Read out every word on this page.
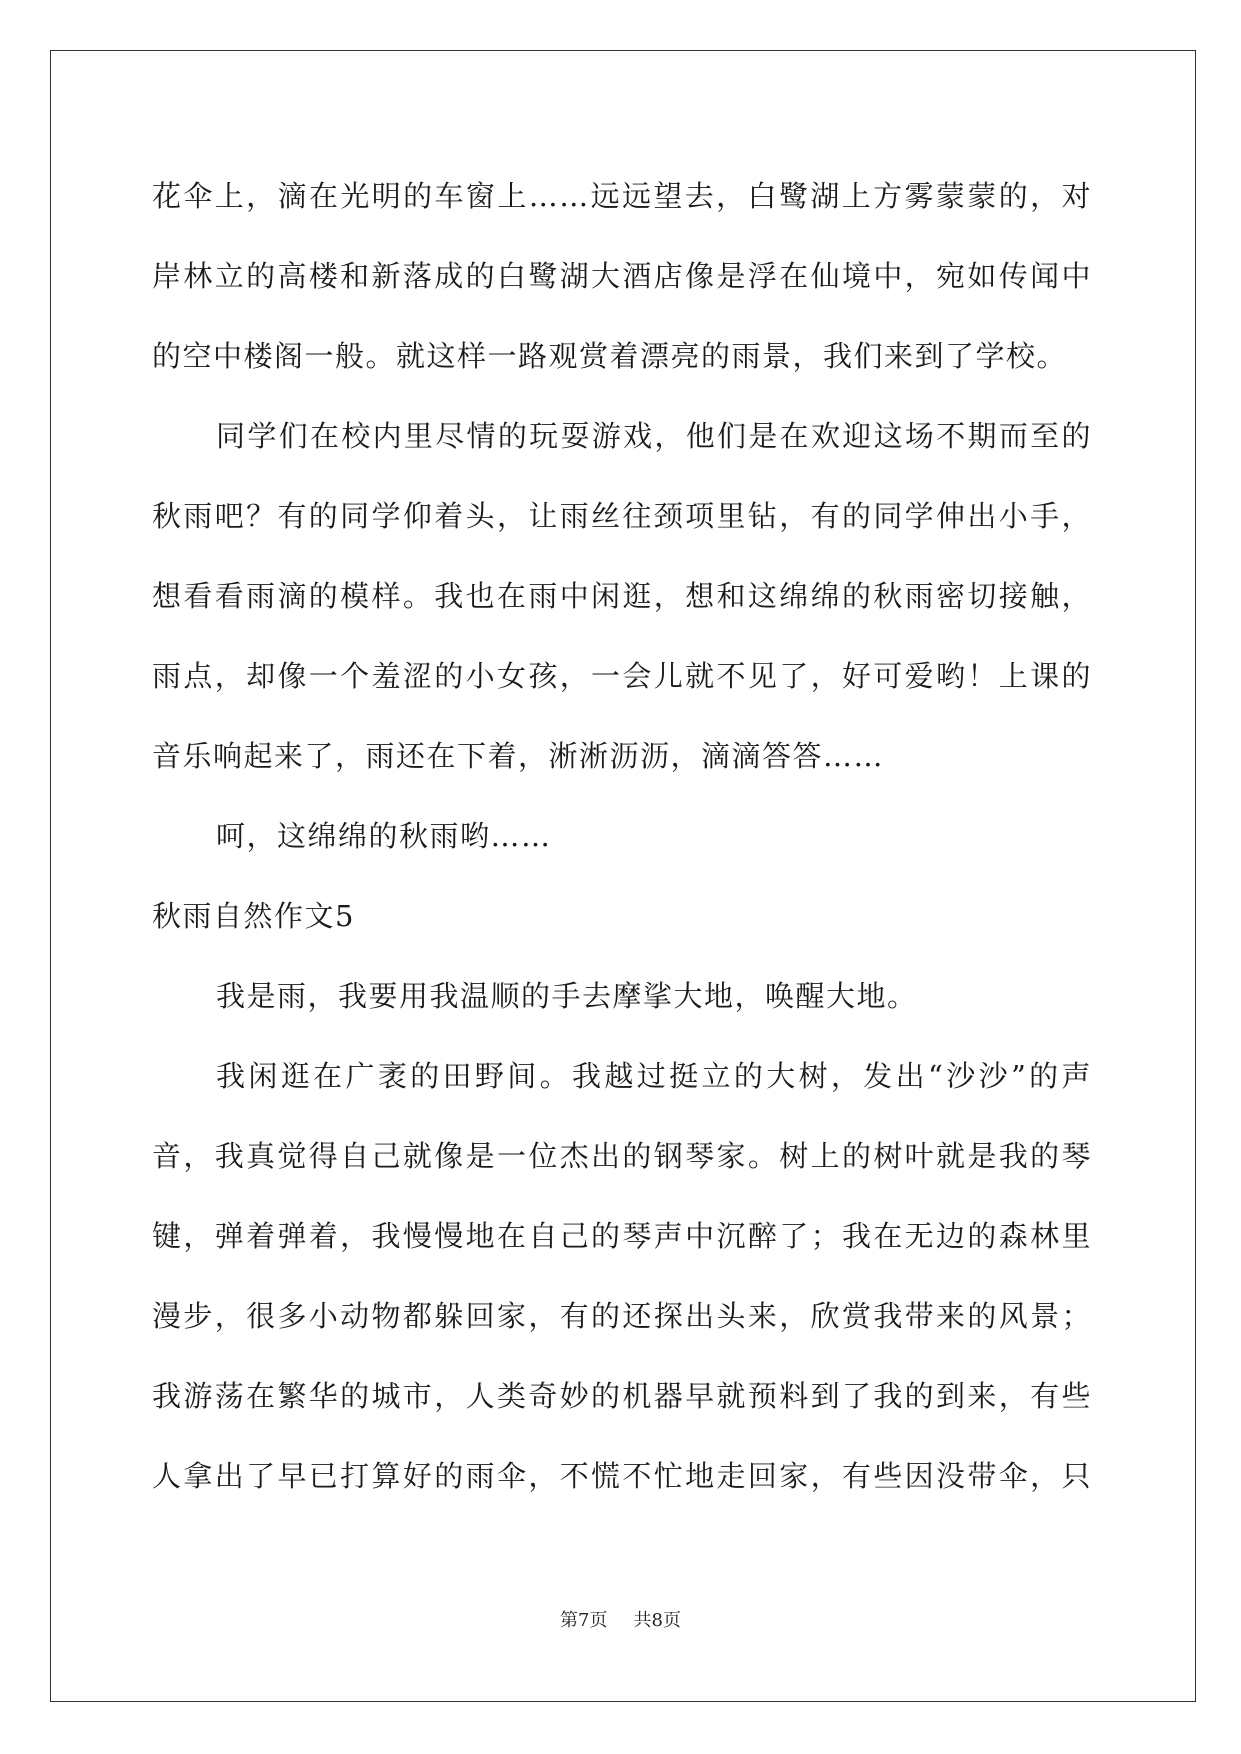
花伞上，滴在光明的车窗上……远远望去，白鹭湖上方雾蒙蒙的，对
岸林立的高楼和新落成的白鹭湖大酒店像是浮在仙境中，宛如传闻中
的空中楼阁一般。就这样一路观赏着漂亮的雨景，我们来到了学校。
同学们在校内里尽情的玩耍游戏，他们是在欢迎这场不期而至的
秋雨吧？有的同学仰着头，让雨丝往颈项里钻，有的同学伸出小手，
想看看雨滴的模样。我也在雨中闲逛，想和这绵绵的秋雨密切接触，
雨点，却像一个羞涩的小女孩，一会儿就不见了，好可爱哟！上课的
音乐响起来了，雨还在下着，淅淅沥沥，滴滴答答……
呵，这绵绵的秋雨哟……
秋雨自然作文5
我是雨，我要用我温顺的手去摩挲大地，唤醒大地。
我闲逛在广袤的田野间。我越过挺立的大树，发出“沙沙”的声
音，我真觉得自己就像是一位杰出的钢琴家。树上的树叶就是我的琴
键，弹着弹着，我慢慢地在自己的琴声中沉醉了；我在无边的森林里
漫步，很多小动物都躲回家，有的还探出头来，欣赏我带来的风景；
我游荡在繁华的城市，人类奇妙的机器早就预料到了我的到来，有些
人拿出了早已打算好的雨伞，不慌不忙地走回家，有些因没带伞，只
第7页 共8页
